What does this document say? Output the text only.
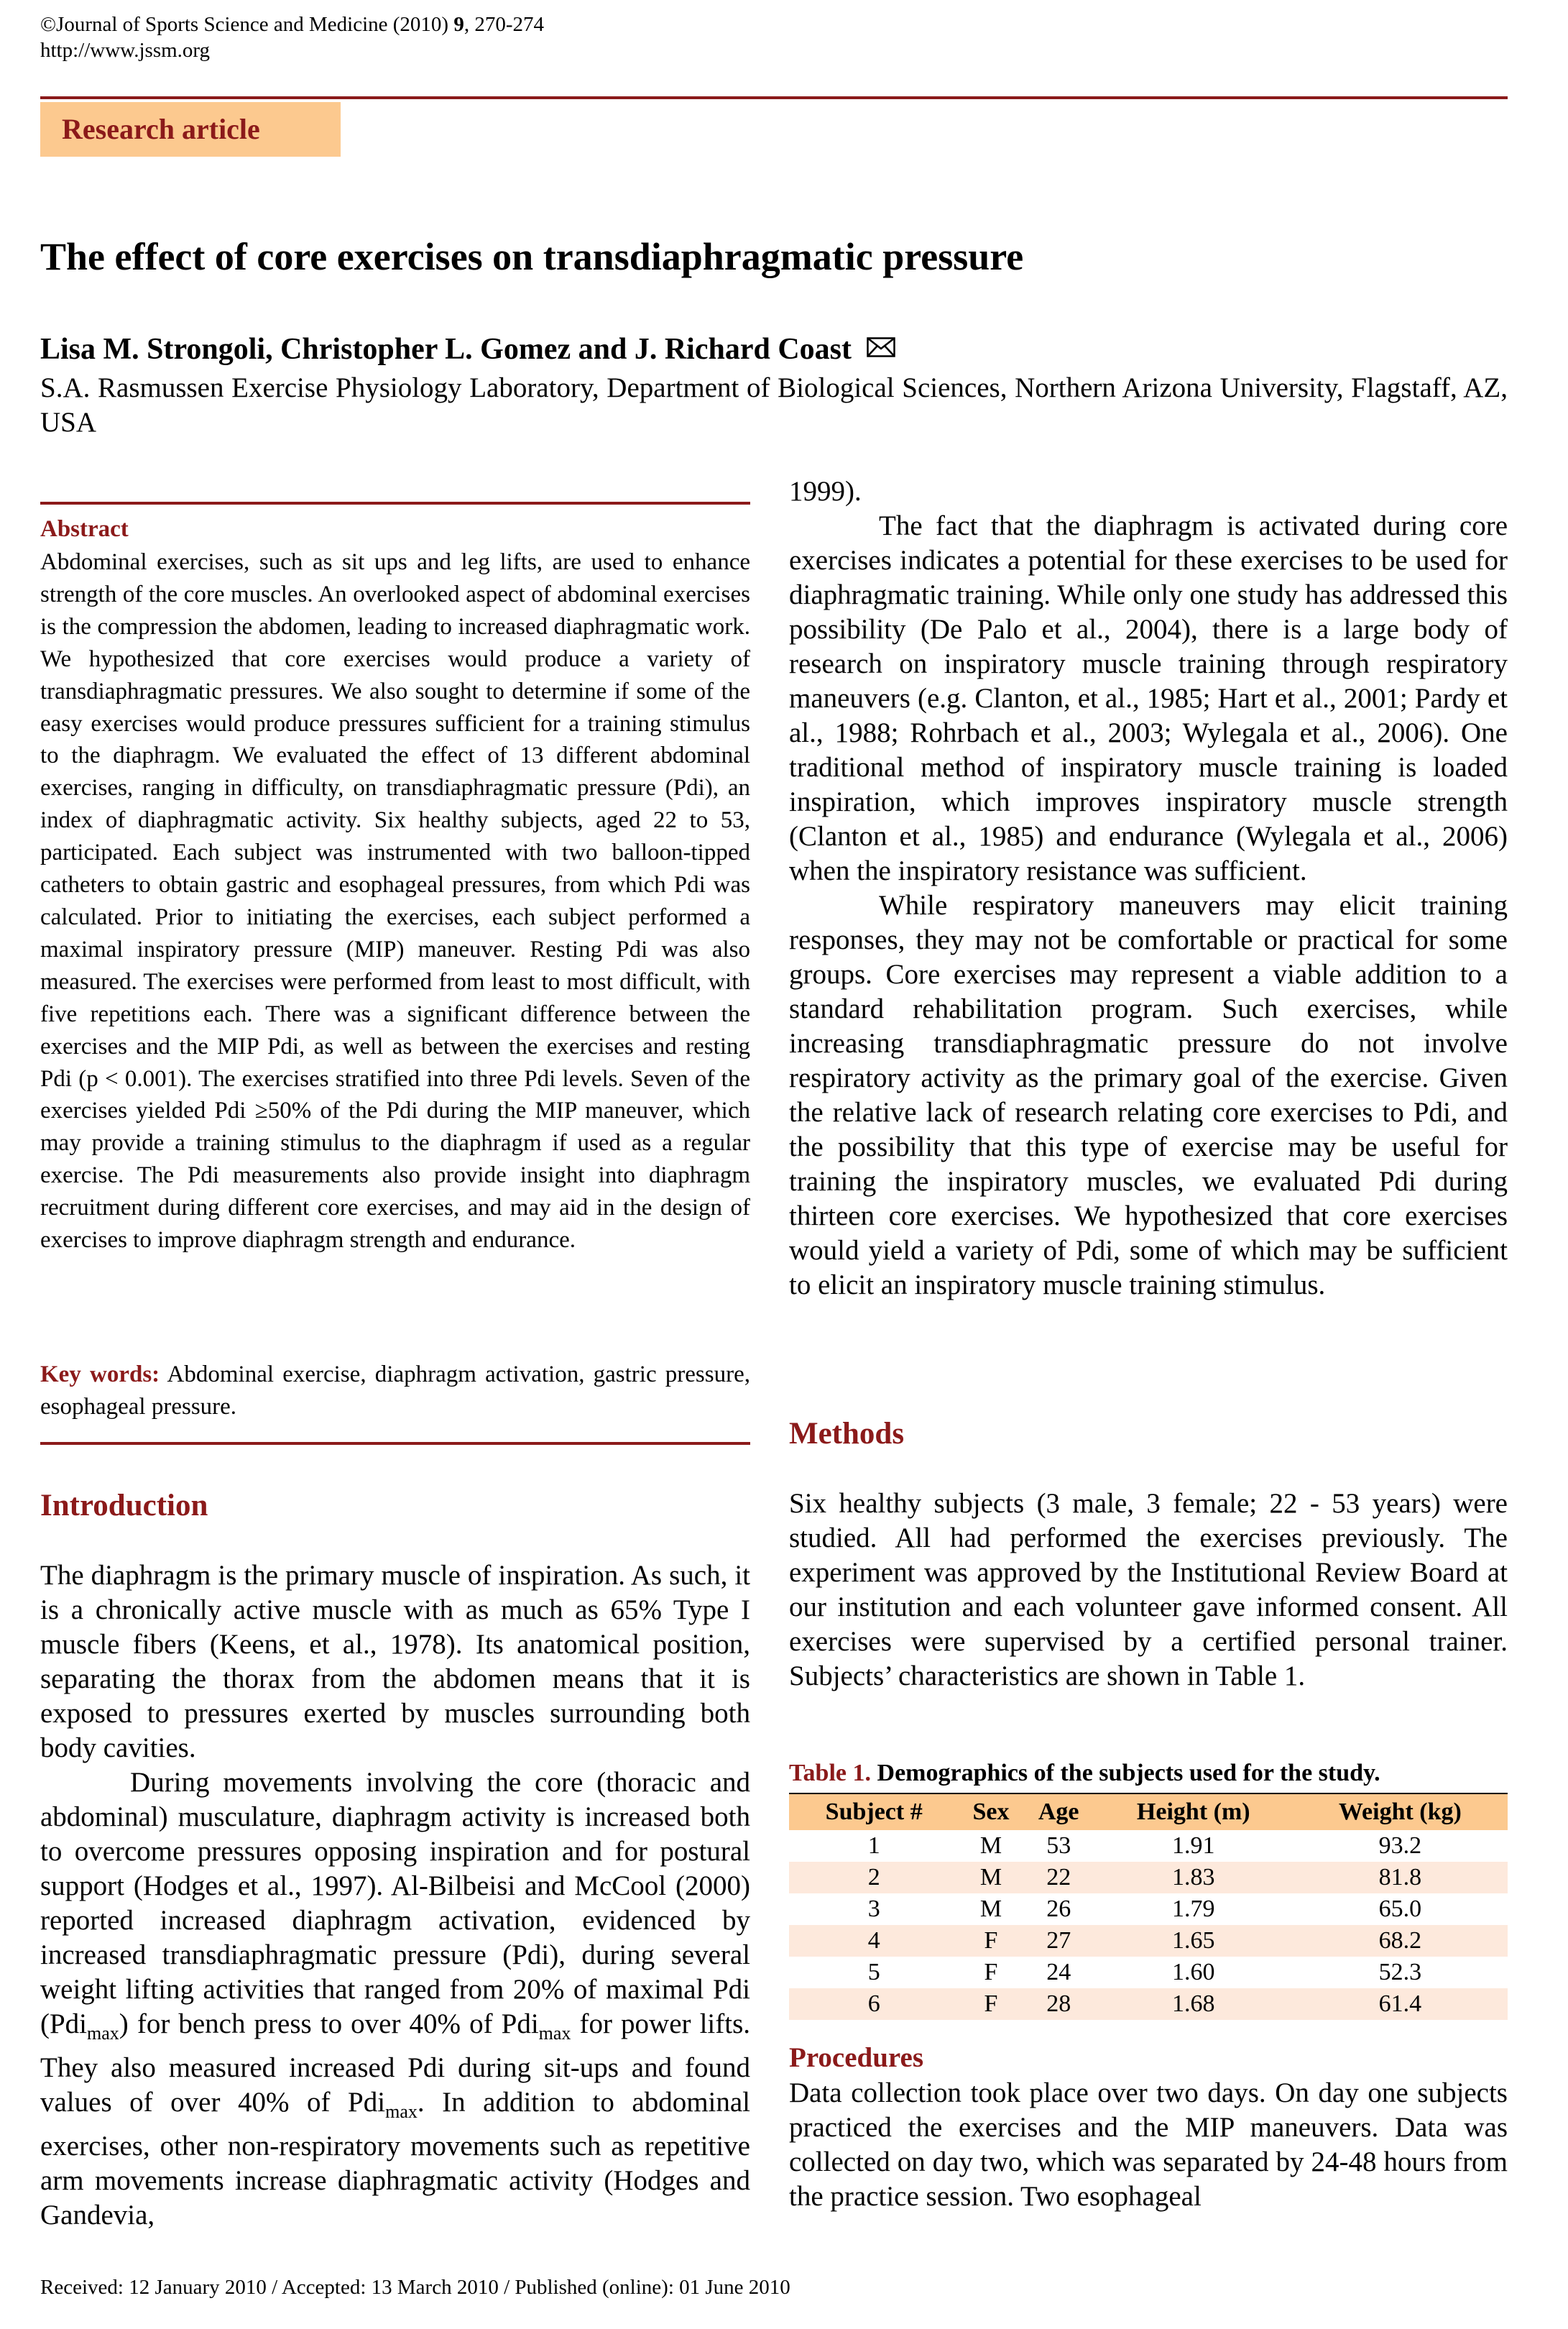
©Journal of Sports Science and Medicine (2010) 9, 270-274
http://www.jssm.org
Research article
The effect of core exercises on transdiaphragmatic pressure
Lisa M. Strongoli, Christopher L. Gomez and J. Richard Coast
S.A. Rasmussen Exercise Physiology Laboratory, Department of Biological Sciences, Northern Arizona University, Flagstaff, AZ, USA
Abstract
Abdominal exercises, such as sit ups and leg lifts, are used to enhance strength of the core muscles. An overlooked aspect of abdominal exercises is the compression the abdomen, leading to increased diaphragmatic work. We hypothesized that core exercises would produce a variety of transdiaphragmatic pressures. We also sought to determine if some of the easy exercises would produce pressures sufficient for a training stimulus to the diaphragm. We evaluated the effect of 13 different abdominal exercises, ranging in difficulty, on transdiaphragmatic pressure (Pdi), an index of diaphragmatic activity. Six healthy subjects, aged 22 to 53, participated. Each subject was instrumented with two balloon-tipped catheters to obtain gastric and esophageal pressures, from which Pdi was calculated. Prior to initiating the exercises, each subject performed a maximal inspiratory pressure (MIP) maneuver. Resting Pdi was also measured. The exercises were performed from least to most difficult, with five repetitions each. There was a significant difference between the exercises and the MIP Pdi, as well as between the exercises and resting Pdi (p < 0.001). The exercises stratified into three Pdi levels. Seven of the exercises yielded Pdi ≥50% of the Pdi during the MIP maneuver, which may provide a training stimulus to the diaphragm if used as a regular exercise. The Pdi measurements also provide insight into diaphragm recruitment during different core exercises, and may aid in the design of exercises to improve diaphragm strength and endurance.
Key words: Abdominal exercise, diaphragm activation, gastric pressure, esophageal pressure.
Introduction

The diaphragm is the primary muscle of inspiration. As such, it is a chronically active muscle with as much as 65% Type I muscle fibers (Keens, et al., 1978). Its anatomical position, separating the thorax from the abdomen means that it is exposed to pressures exerted by muscles surrounding both body cavities.

During movements involving the core (thoracic and abdominal) musculature, diaphragm activity is increased both to overcome pressures opposing inspiration and for postural support (Hodges et al., 1997). Al-Bilbeisi and McCool (2000) reported increased diaphragm activation, evidenced by increased transdiaphragmatic pressure (Pdi), during several weight lifting activities that ranged from 20% of maximal Pdi (Pdi$_{max}$) for bench press to over 40% of Pdi$_{max}$ for power lifts. They also measured increased Pdi during sit-ups and found values of over 40% of Pdi$_{max}$. In addition to abdominal exercises, other non-respiratory movements such as repetitive arm movements increase diaphragmatic activity (Hodges and Gandevia,

1999).

The fact that the diaphragm is activated during core exercises indicates a potential for these exercises to be used for diaphragmatic training. While only one study has addressed this possibility (De Palo et al., 2004), there is a large body of research on inspiratory muscle training through respiratory maneuvers (e.g. Clanton, et al., 1985; Hart et al., 2001; Pardy et al., 1988; Rohrbach et al., 2003; Wylegala et al., 2006). One traditional method of inspiratory muscle training is loaded inspiration, which improves inspiratory muscle strength (Clanton et al., 1985) and endurance (Wylegala et al., 2006) when the inspiratory resistance was sufficient.

While respiratory maneuvers may elicit training responses, they may not be comfortable or practical for some groups. Core exercises may represent a viable addition to a standard rehabilitation program. Such exercises, while increasing transdiaphragmatic pressure do not involve respiratory activity as the primary goal of the exercise. Given the relative lack of research relating core exercises to Pdi, and the possibility that this type of exercise may be useful for training the inspiratory muscles, we evaluated Pdi during thirteen core exercises. We hypothesized that core exercises would yield a variety of Pdi, some of which may be sufficient to elicit an inspiratory muscle training stimulus.

Methods
Six healthy subjects (3 male, 3 female; 22 - 53 years) were studied. All had performed the exercises previously. The experiment was approved by the Institutional Review Board at our institution and each volunteer gave informed consent. All exercises were supervised by a certified personal trainer. Subjects’ characteristics are shown in Table 1.
Table 1. Demographics of the subjects used for the study.
Subject #	Sex	Age	Height (m)	Weight (kg)
1	M	53	1.91	93.2
2	M	22	1.83	81.8
3	M	26	1.79	65.0
4	F	27	1.65	68.2
5	F	24	1.60	52.3
6	F	28	1.68	61.4
Procedures
Data collection took place over two days. On day one subjects practiced the exercises and the MIP maneuvers. Data was collected on day two, which was separated by 24-48 hours from the practice session. Two esophageal
Received: 12 January 2010 / Accepted: 13 March 2010 / Published (online): 01 June 2010
